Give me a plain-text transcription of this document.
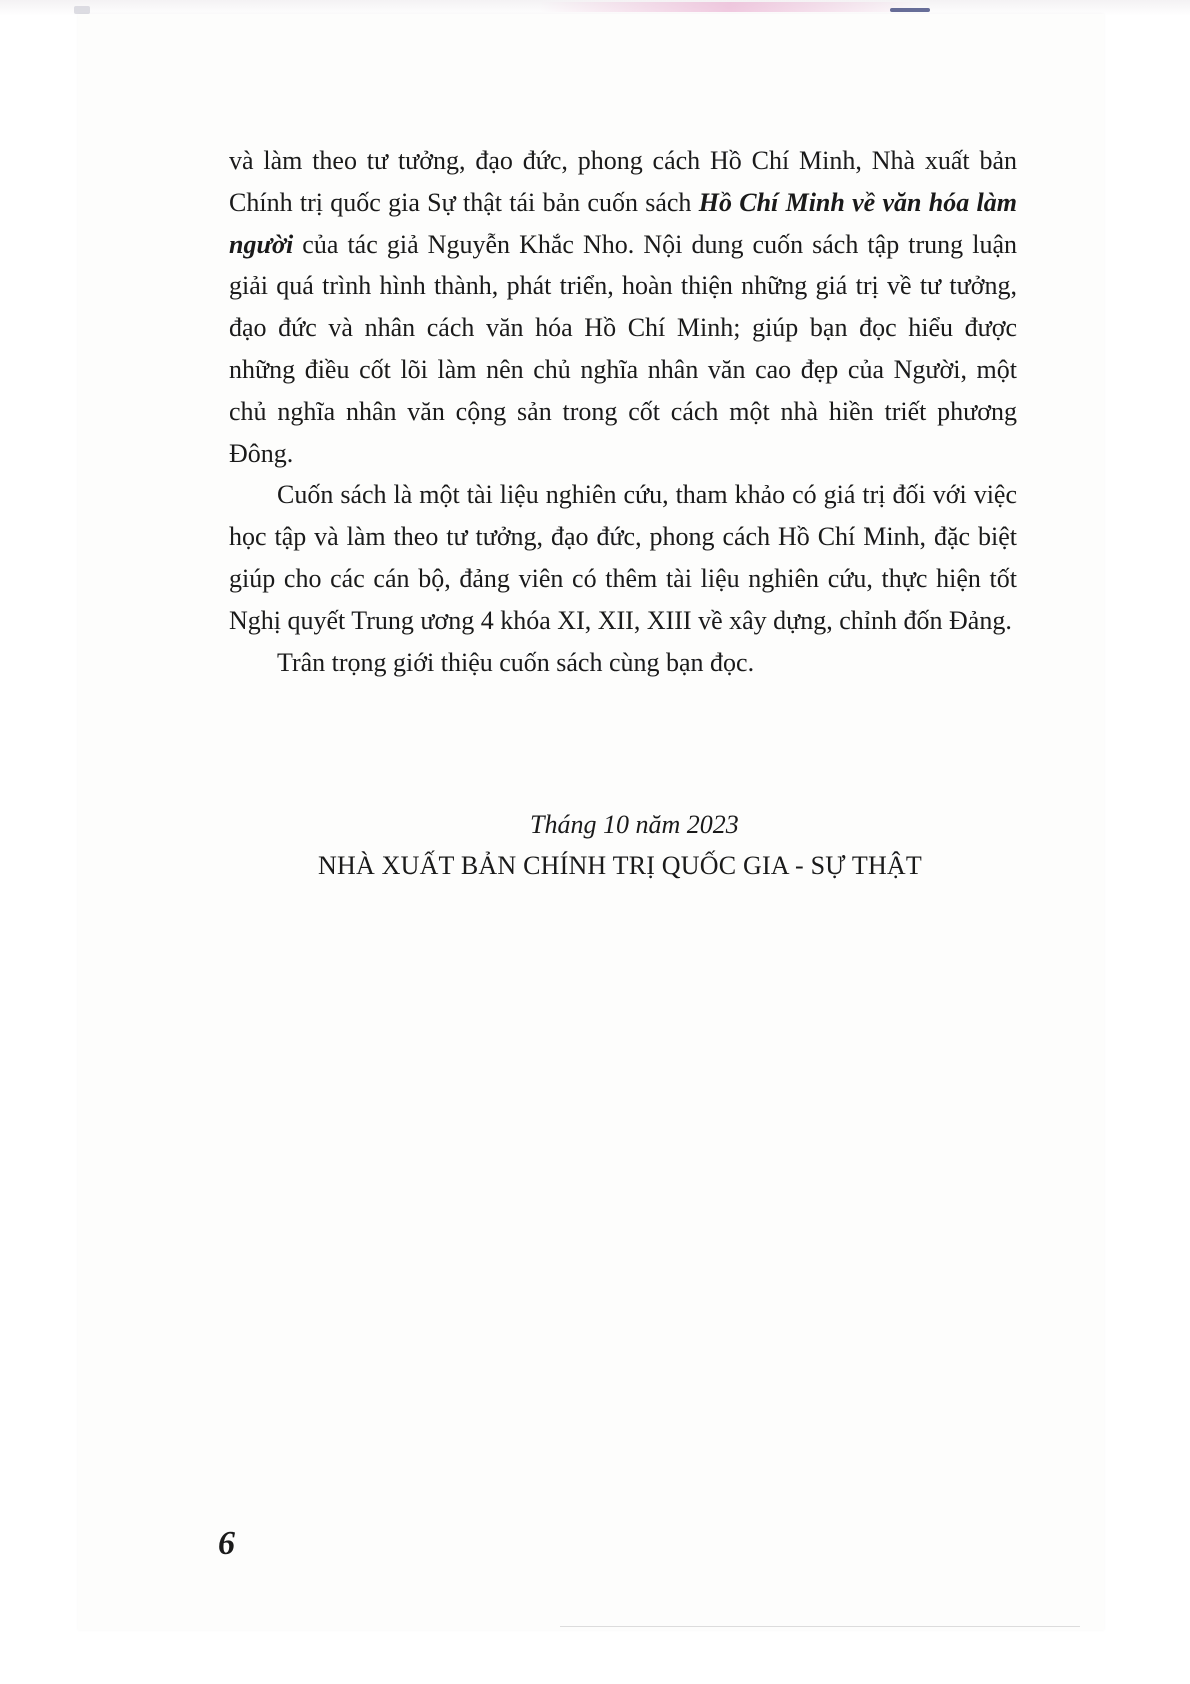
và làm theo tư tưởng, đạo đức, phong cách Hồ Chí Minh, Nhà xuất bản Chính trị quốc gia Sự thật tái bản cuốn sách Hồ Chí Minh về văn hóa làm người của tác giả Nguyễn Khắc Nho. Nội dung cuốn sách tập trung luận giải quá trình hình thành, phát triển, hoàn thiện những giá trị về tư tưởng, đạo đức và nhân cách văn hóa Hồ Chí Minh; giúp bạn đọc hiểu được những điều cốt lõi làm nên chủ nghĩa nhân văn cao đẹp của Người, một chủ nghĩa nhân văn cộng sản trong cốt cách một nhà hiền triết phương Đông.

Cuốn sách là một tài liệu nghiên cứu, tham khảo có giá trị đối với việc học tập và làm theo tư tưởng, đạo đức, phong cách Hồ Chí Minh, đặc biệt giúp cho các cán bộ, đảng viên có thêm tài liệu nghiên cứu, thực hiện tốt Nghị quyết Trung ương 4 khóa XI, XII, XIII về xây dựng, chỉnh đốn Đảng.

Trân trọng giới thiệu cuốn sách cùng bạn đọc.

Tháng 10 năm 2023
NHÀ XUẤT BẢN CHÍNH TRỊ QUỐC GIA - SỰ THẬT
6
